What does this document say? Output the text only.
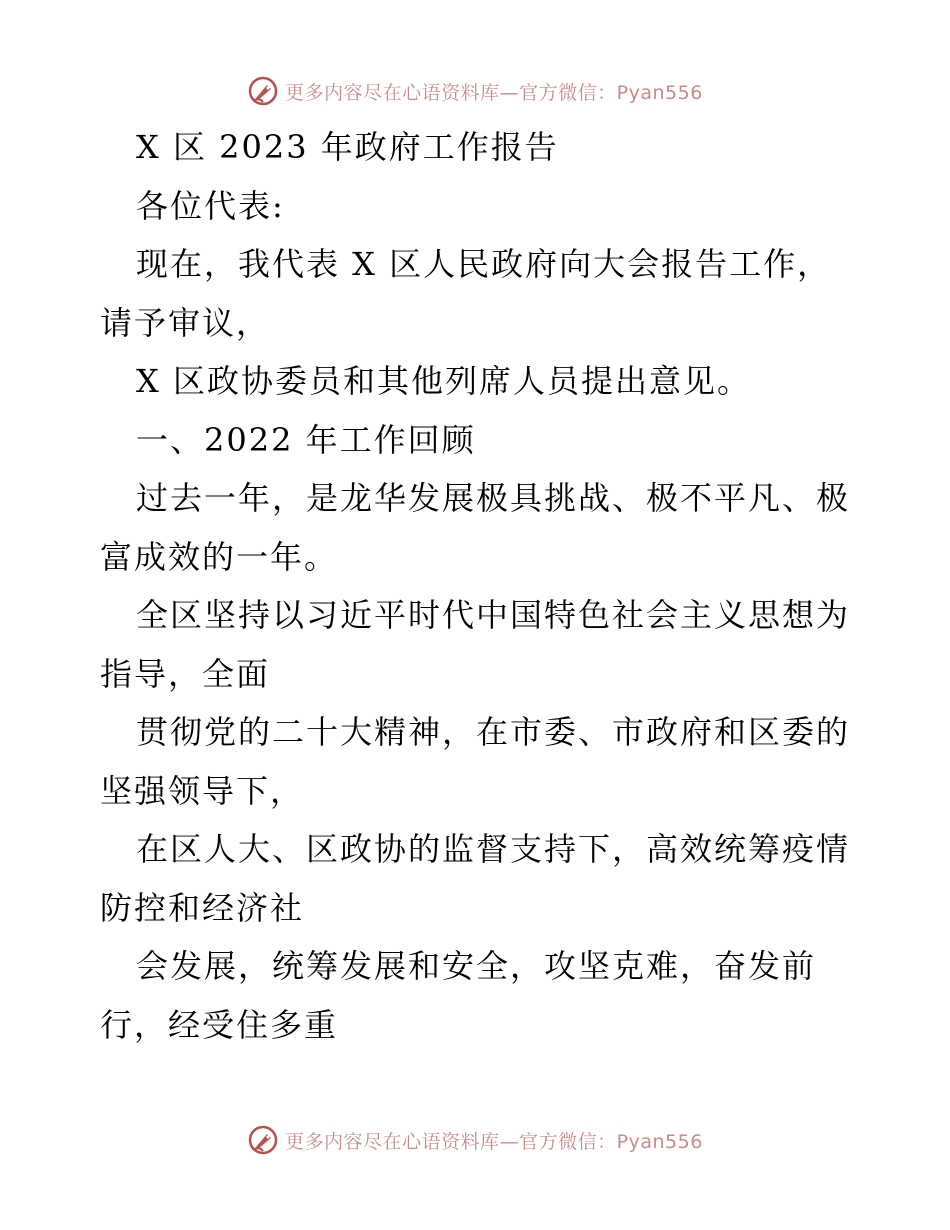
更多内容尽在心语资料库—官方微信：Pyan556

X 区 2023 年政府工作报告

各位代表:

现在，我代表 X 区人民政府向大会报告工作，

请予审议，

X 区政协委员和其他列席人员提出意见。

一、2022 年工作回顾

过去一年，是龙华发展极具挑战、极不平凡、极

富成效的一年。

全区坚持以习近平时代中国特色社会主义思想为

指导，全面

贯彻党的二十大精神，在市委、市政府和区委的

坚强领导下，

在区人大、区政协的监督支持下，高效统筹疫情

防控和经济社

会发展，统筹发展和安全，攻坚克难，奋发前

行，经受住多重

更多内容尽在心语资料库—官方微信：Pyan556
